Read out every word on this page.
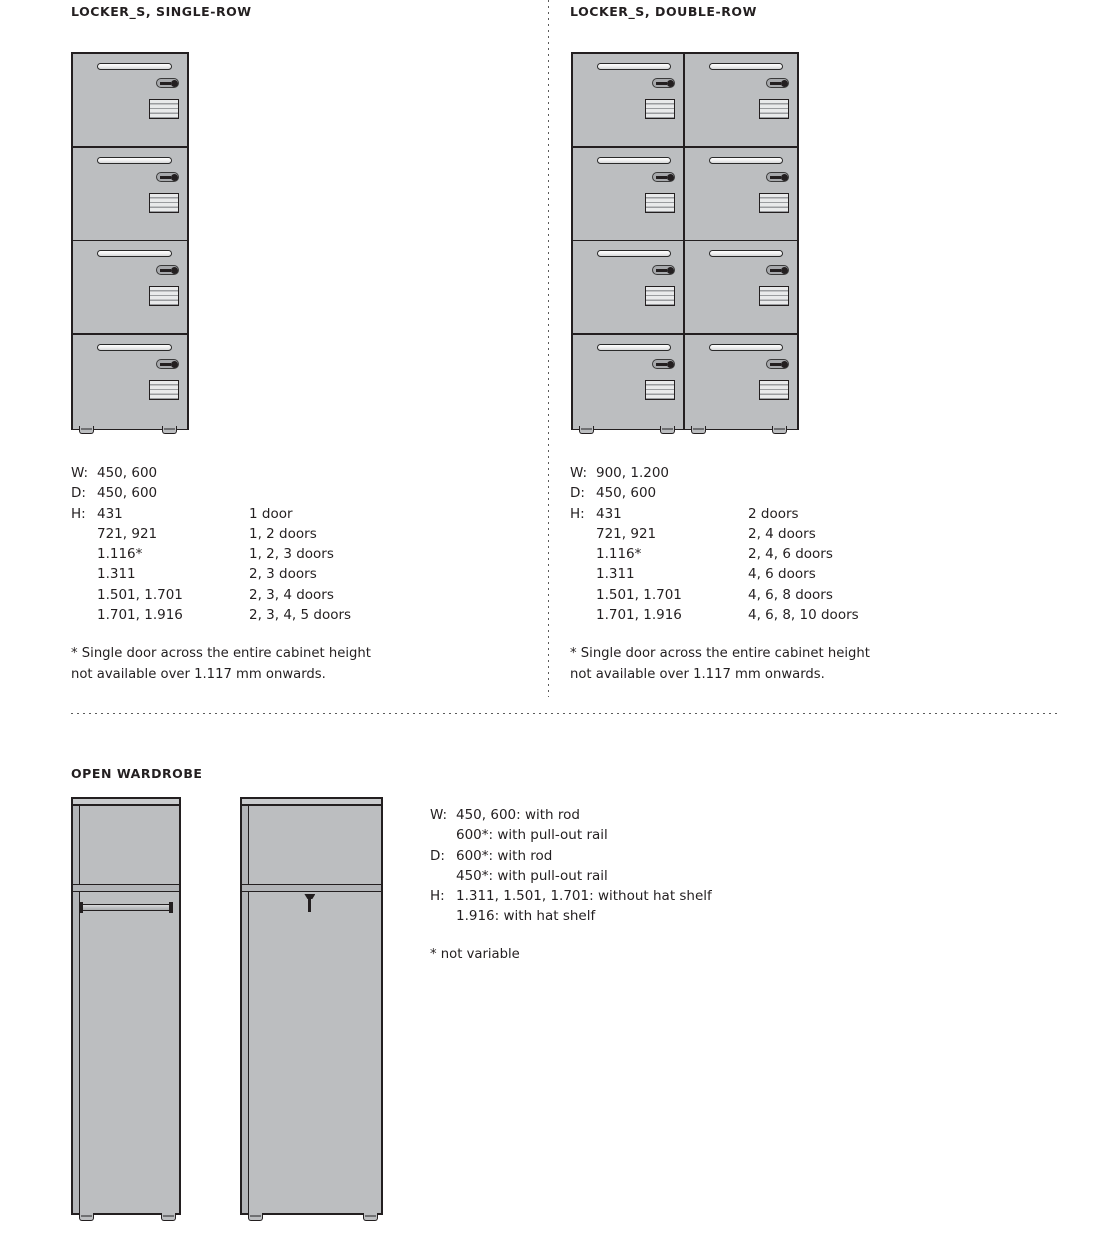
LOCKER_S, SINGLE-ROW
W: 450, 600
D: 450, 600
H: 431	1 door
721, 921	1, 2 doors
1.116*	1, 2, 3 doors
1.311	2, 3 doors
1.501, 1.701	2, 3, 4 doors
1.701, 1.916	2, 3, 4, 5 doors
* Single door across the entire cabinet height
not available over 1.117 mm onwards.
LOCKER_S, DOUBLE-ROW
W: 900, 1.200
D: 450, 600
H: 431	2 doors
721, 921	2, 4 doors
1.116*	2, 4, 6 doors
1.311	4, 6 doors
1.501, 1.701	4, 6, 8 doors
1.701, 1.916	4, 6, 8, 10 doors
* Single door across the entire cabinet height
not available over 1.117 mm onwards.
OPEN WARDROBE
W: 450, 600: with rod
600*: with pull-out rail
D: 600*: with rod
450*: with pull-out rail
H: 1.311, 1.501, 1.701: without hat shelf
1.916: with hat shelf
* not variable
